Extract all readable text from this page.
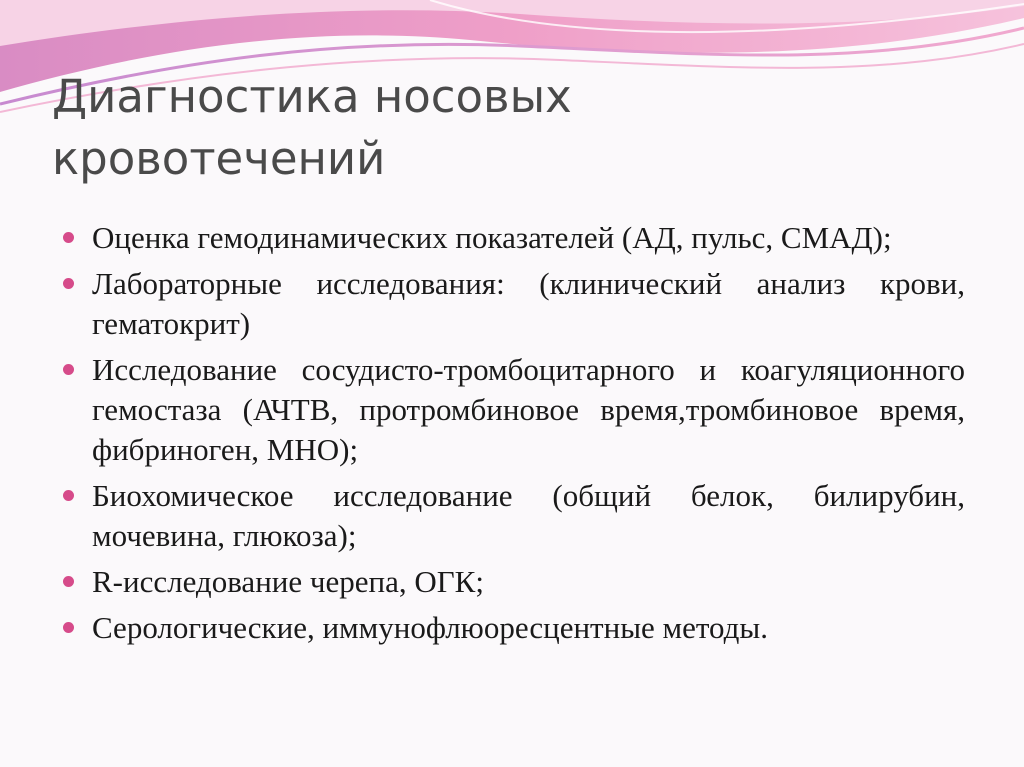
Диагностика носовых
кровотечений
Оценка гемодинамических показателей (АД, пульс, СМАД);
Лабораторные исследования: (клинический анализ крови, гематокрит)
Исследование сосудисто-тромбоцитарного и коагуляционного гемостаза (АЧТВ, протромбиновое время,тромбиновое время, фибриноген, МНО);
Биохомическое исследование (общий белок, билирубин, мочевина, глюкоза);
R-исследование черепа, ОГК;
Серологические, иммунофлюоресцентные методы.
